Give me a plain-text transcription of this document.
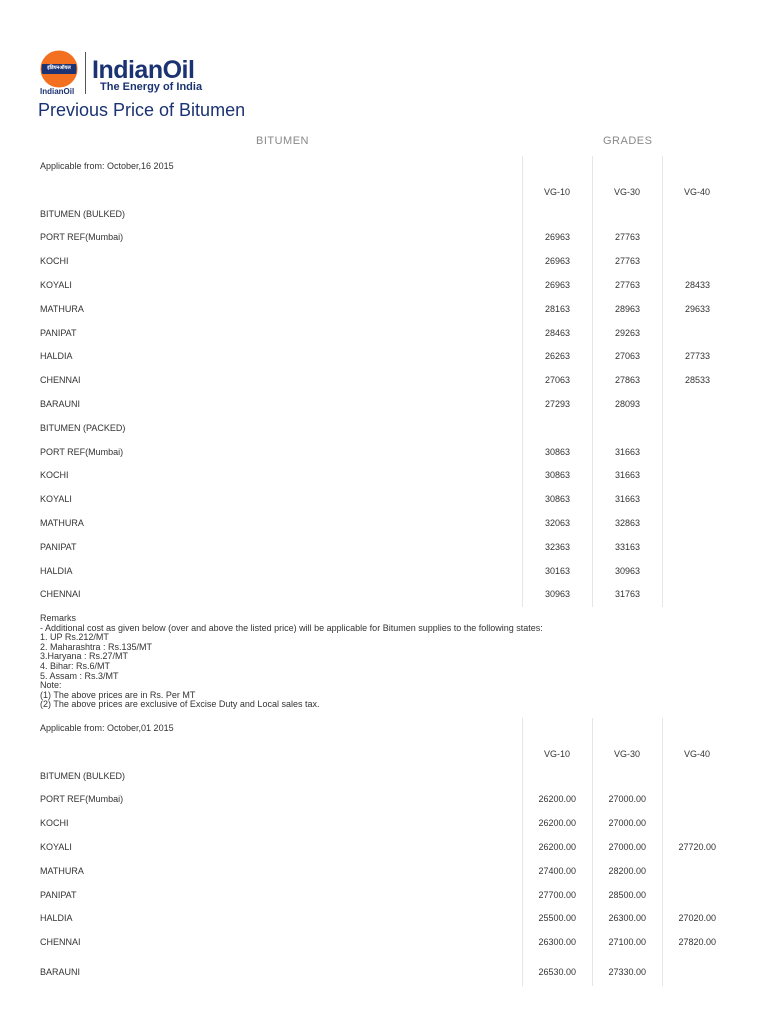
इंडियनऑयल
IndianOil
IndianOil
The Energy of India
Previous Price of Bitumen
BITUMEN	GRADES
Applicable from: October,16 2015
VG-10	VG-30	VG-40
BITUMEN (BULKED)
PORT REF(Mumbai)	26963	27763
KOCHI	26963	27763
KOYALI	26963	27763	28433
MATHURA	28163	28963	29633
PANIPAT	28463	29263
HALDIA	26263	27063	27733
CHENNAI	27063	27863	28533
BARAUNI	27293	28093
BITUMEN (PACKED)
PORT REF(Mumbai)	30863	31663
KOCHI	30863	31663
KOYALI	30863	31663
MATHURA	32063	32863
PANIPAT	32363	33163
HALDIA	30163	30963
CHENNAI	30963	31763
Applicable from: October,01 2015
VG-10	VG-30	VG-40
BITUMEN (BULKED)
PORT REF(Mumbai)	26200.00	27000.00
KOCHI	26200.00	27000.00
KOYALI	26200.00	27000.00	27720.00
MATHURA	27400.00	28200.00
PANIPAT	27700.00	28500.00
HALDIA	25500.00	26300.00	27020.00
CHENNAI	26300.00	27100.00	27820.00
BARAUNI	26530.00	27330.00
Remarks
- Additional cost as given below (over and above the listed price) will be applicable for Bitumen supplies to the following states:
1. UP Rs.212/MT
2. Maharashtra : Rs.135/MT
3.Haryana : Rs.27/MT
4. Bihar: Rs.6/MT
5. Assam : Rs.3/MT
Note:
(1) The above prices are in Rs. Per MT
(2) The above prices are exclusive of Excise Duty and Local sales tax.
